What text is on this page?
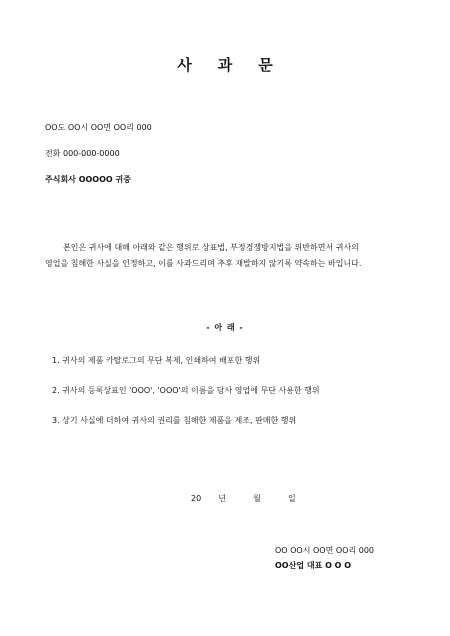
사 과 문
OO도 OO시 OO면 OO리 000
전화 000-000-0000
주식회사 OOOOO 귀중
본인은 귀사에 대해 아래와 같은 행위로 상표법, 부정경쟁방지법을 위반하면서 귀사의
영업을 침해한 사실을 인정하고, 이를 사과드리며 추후 재발하지 않기록 약속하는 바입니다.
- 아 래 -
1. 귀사의 제품 카탈로그의 무단 복제, 인쇄하여 배포한 행위
2. 귀사의 등록상표인 'OOO', 'OOO'의 이름을 당사 영업에 무단 사용한 행위
3. 상기 사실에 더하여 귀사의 권리를 침해한 제품을 제조, 판매한 행위
20 년	월	일
OO OO시 OO면 OO리 000
OO산업 대표 O O O
